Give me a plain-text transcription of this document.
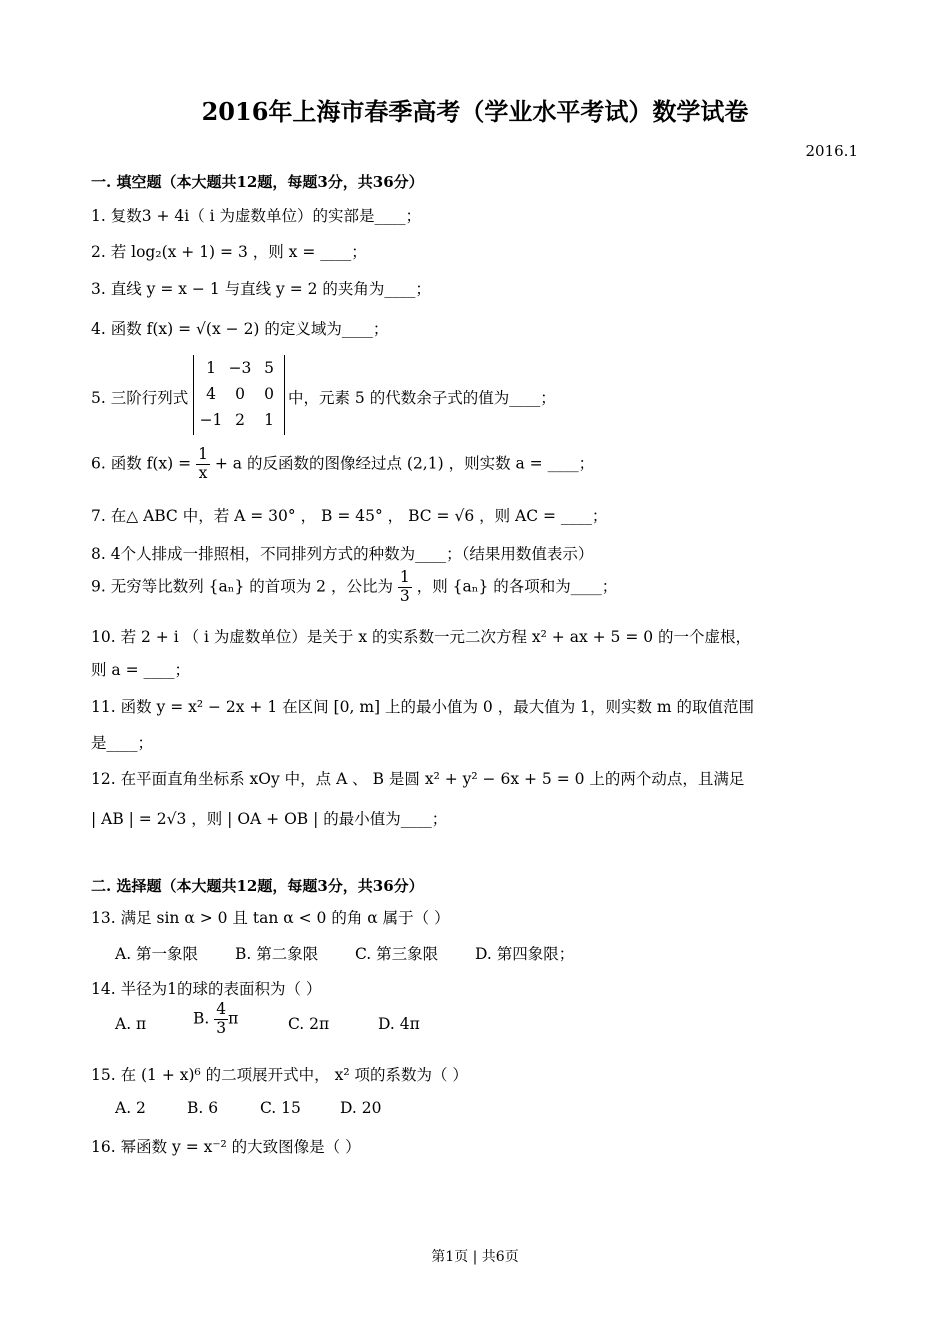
2016年上海市春季高考（学业水平考试）数学试卷
2016.1
一. 填空题（本大题共12题，每题3分，共36分）
1. 复数3 + 4i（ i 为虚数单位）的实部是____；
2. 若 log₂(x + 1) = 3 ，则 x = ____；
3. 直线 y = x − 1 与直线 y = 2 的夹角为____；
4. 函数 f(x) = √(x − 2) 的定义域为____；
5. 三阶行列式
1	−3	5
4	0	0
−1	2	1
中，元素 5 的代数余子式的值为____；
6. 函数 $f(x) = \frac{1}{x} + a$ 的反函数的图像经过点 (2,1) ，则实数 a = ____；
7. 在△ ABC 中，若 A = 30° ， B = 45° ， BC = √6 ，则 AC = ____；
8. 4个人排成一排照相，不同排列方式的种数为____；（结果用数值表示）
9. 无穷等比数列 {aₙ} 的首项为 2 ，公比为 $\frac{1}{3}$ ，则 {aₙ} 的各项和为____；
10. 若 2 + i （ i 为虚数单位）是关于 x 的实系数一元二次方程 x² + ax + 5 = 0 的一个虚根，
则 a = ____；
11. 函数 y = x² − 2x + 1 在区间 [0, m] 上的最小值为 0 ，最大值为 1，则实数 m 的取值范围
是____；
12. 在平面直角坐标系 xOy 中，点 A 、 B 是圆 x² + y² − 6x + 5 = 0 上的两个动点，且满足
| AB | = 2√3 ，则 | OA + OB | 的最小值为____；
二. 选择题（本大题共12题，每题3分，共36分）
13. 满足 sin α > 0 且 tan α < 0 的角 α 属于（ ）
A. 第一象限 B. 第二象限 C. 第三象限 D. 第四象限；
14. 半径为1的球的表面积为（ ）
A. π	B. $\frac{4}{3}$ π	C. 2π	D. 4π
15. 在 (1 + x)⁶ 的二项展开式中， x² 项的系数为（ ）
A. 2	B. 6	C. 15	D. 20
16. 幂函数 y = x⁻² 的大致图像是（ ）
第1页 | 共6页
